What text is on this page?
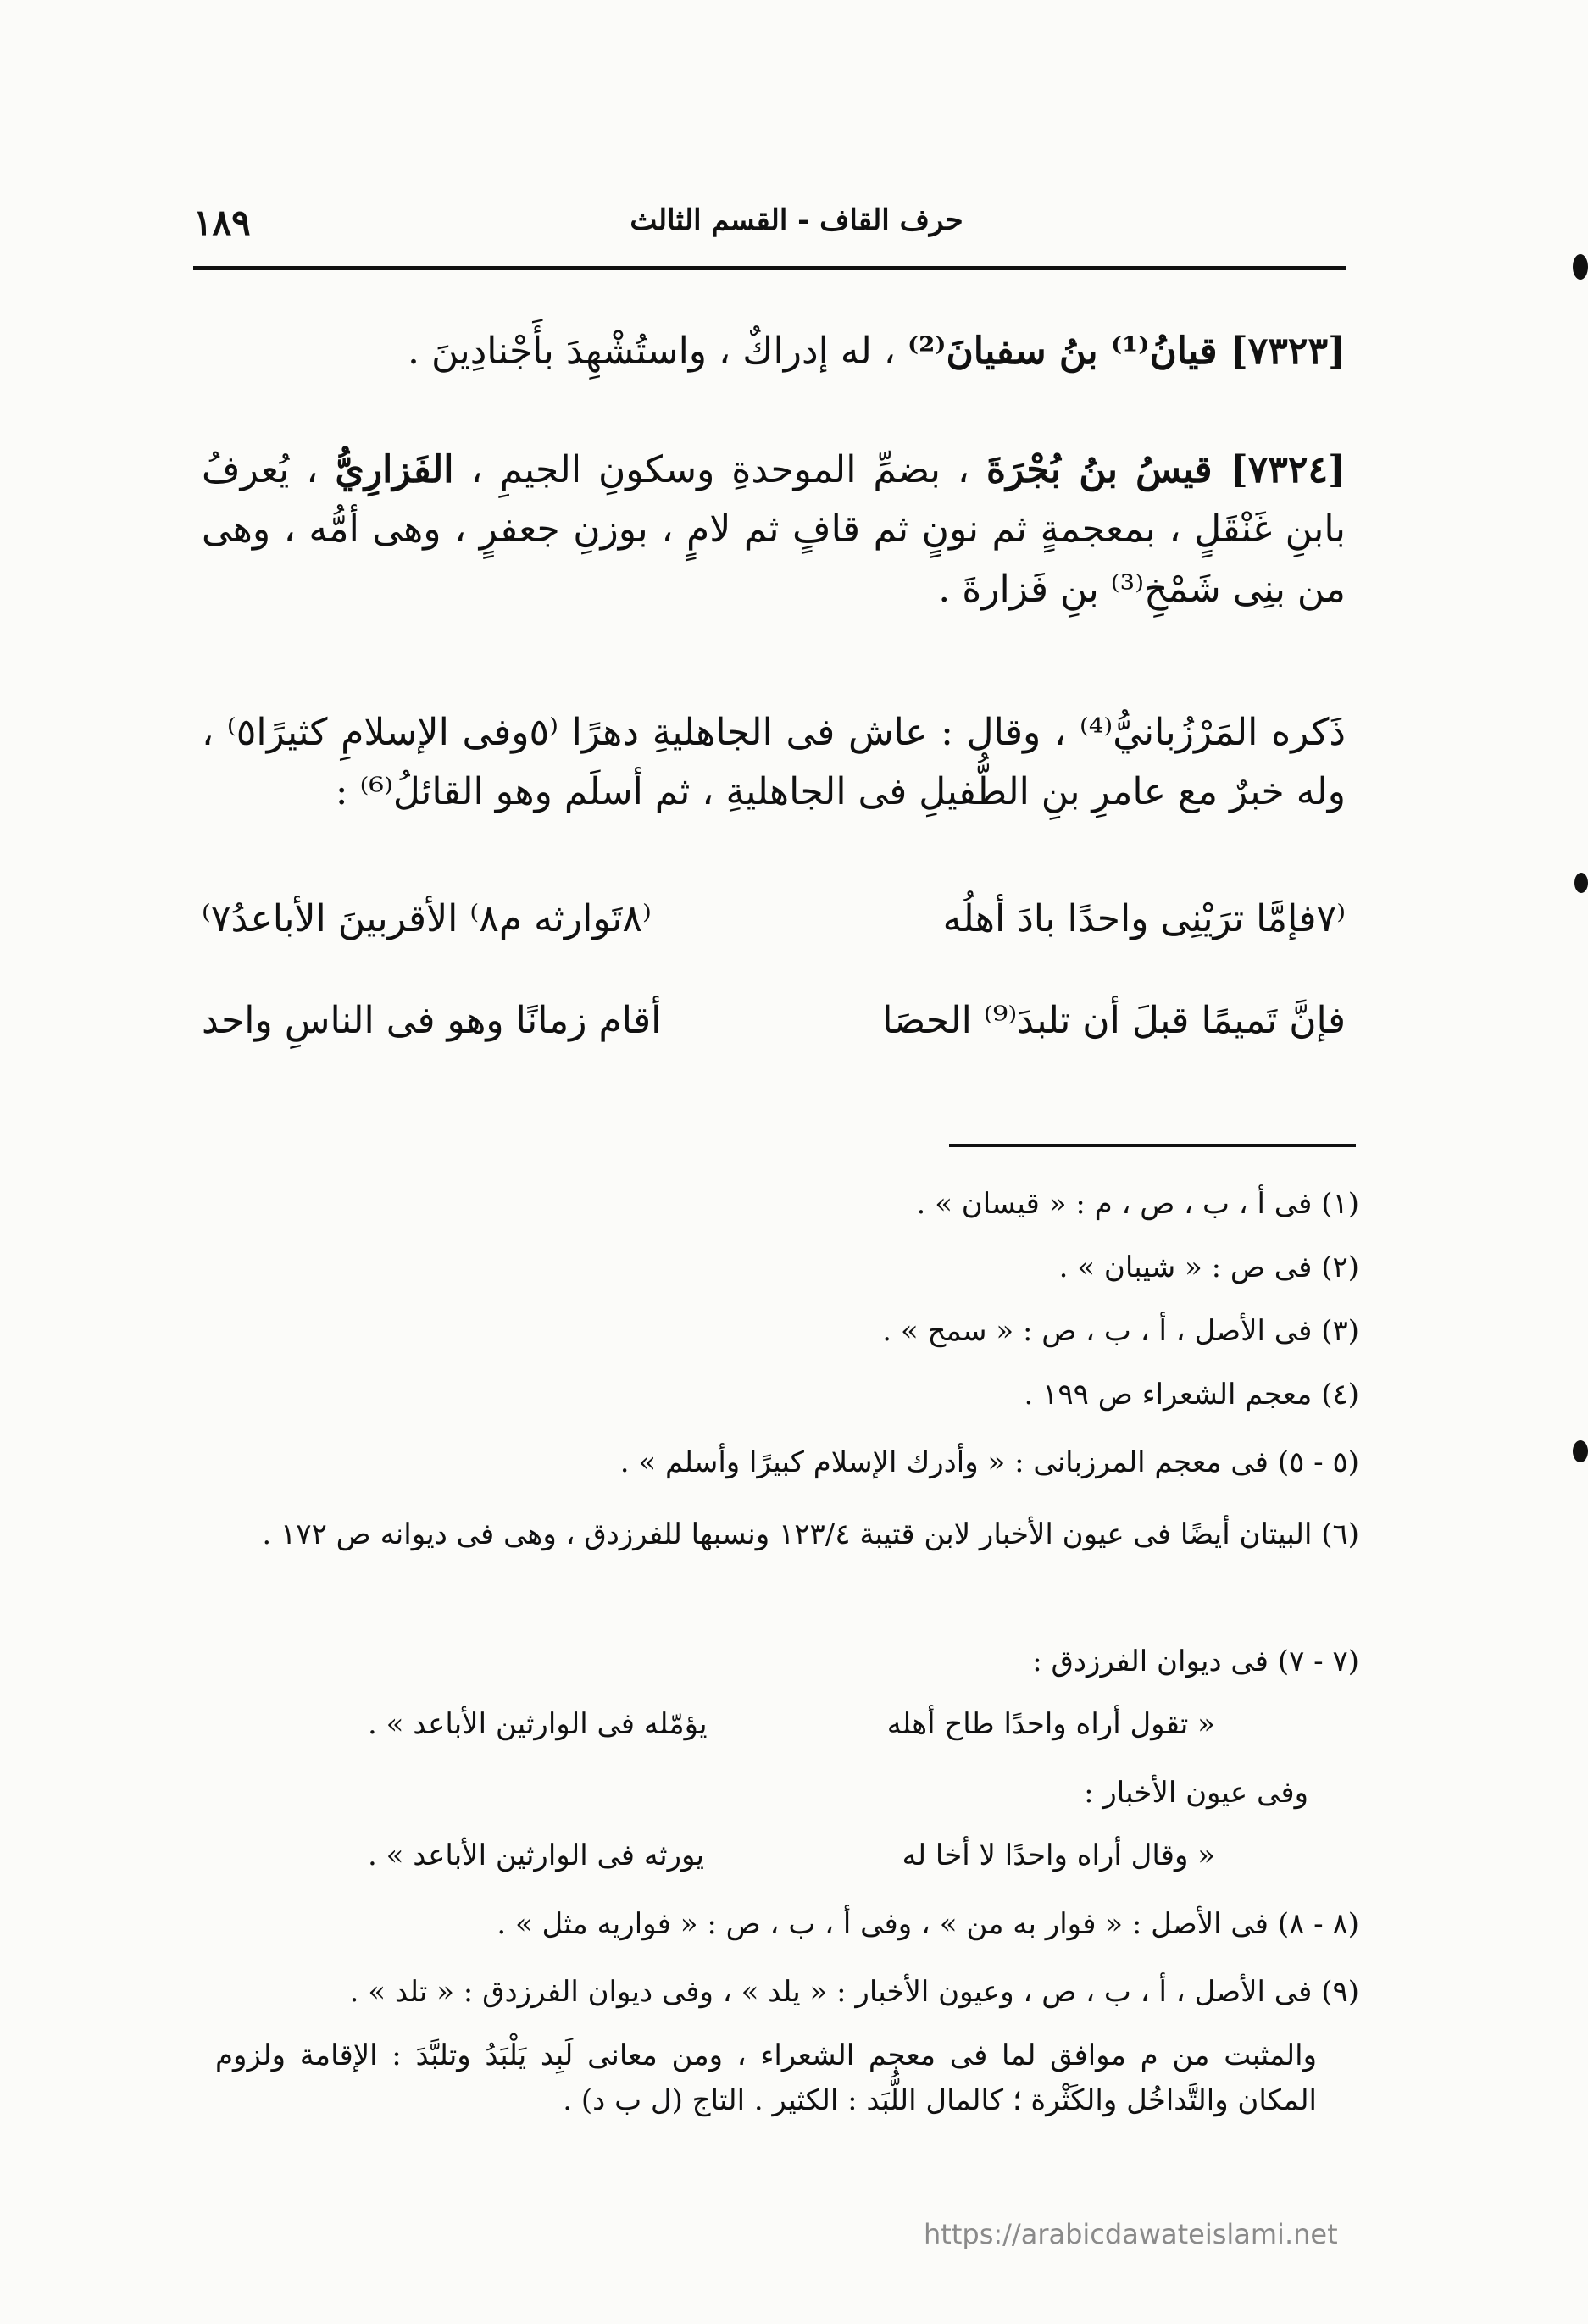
حرف القاف - القسم الثالث
١٨٩
[٧٣٢٣] قيانُ⁽¹⁾ بنُ سفيانَ⁽²⁾ ، له إدراكٌ ، واستُشْهِدَ بأَجْنادِينَ .
[٧٣٢٤] قيسُ بنُ بُجْرَةَ ، بضمِّ الموحدةِ وسكونِ الجيمِ ، الفَزارِيُّ ، يُعرفُ بابنِ غَنْقَلٍ ، بمعجمةٍ ثم نونٍ ثم قافٍ ثم لامٍ ، بوزنِ جعفرٍ ، وهى أمُّه ، وهى من بنِى شَمْخِ⁽³⁾ بنِ فَزارةَ .
ذَكره المَرْزُبانيُّ⁽⁴⁾ ، وقال : عاش فى الجاهليةِ دهرًا ⁽٥وفى الإسلامِ كثيرًا٥⁾ ، وله خبرٌ مع عامرِ بنِ الطُّفيلِ فى الجاهليةِ ، ثم أسلَم وهو القائلُ⁽⁶⁾ :
⁽٧فإمَّا ترَيْنِى واحدًا بادَ أهلُه
⁽٨تَوارثه م٨⁾ الأقربينَ الأباعدُ٧⁾
فإنَّ تَميمًا قبلَ أن تلبدَ⁽⁹⁾ الحصَا
أقام زمانًا وهو فى الناسِ واحد
(١) فى أ ، ب ، ص ، م : « قيسان » .
(٢) فى ص : « شيبان » .
(٣) فى الأصل ، أ ، ب ، ص : « سمح » .
(٤) معجم الشعراء ص ١٩٩ .
(٥ - ٥) فى معجم المرزبانى : « وأدرك الإسلام كبيرًا وأسلم » .
(٦) البيتان أيضًا فى عيون الأخبار لابن قتيبة ١٢٣/٤ ونسبها للفرزدق ، وهى فى ديوانه ص ١٧٢ .
(٧ - ٧) فى ديوان الفرزدق :
« تقول أراه واحدًا طاح أهله
يؤمّله فى الوارثين الأباعد » .
وفى عيون الأخبار :
« وقال أراه واحدًا لا أخا له
يورثه فى الوارثين الأباعد » .
(٨ - ٨) فى الأصل : « فوار به من » ، وفى أ ، ب ، ص : « فواريه مثل » .
(٩) فى الأصل ، أ ، ب ، ص ، وعيون الأخبار : « يلد » ، وفى ديوان الفرزدق : « تلد » .
والمثبت من م موافق لما فى معجم الشعراء ، ومن معانى لَبِد يَلْبَدُ وتلبَّدَ : الإقامة ولزوم المكان والتَّداخُل والكَثْرة ؛ كالمال اللُّبَد : الكثير . التاج (ل ب د) .
https://arabicdawateislami.net
